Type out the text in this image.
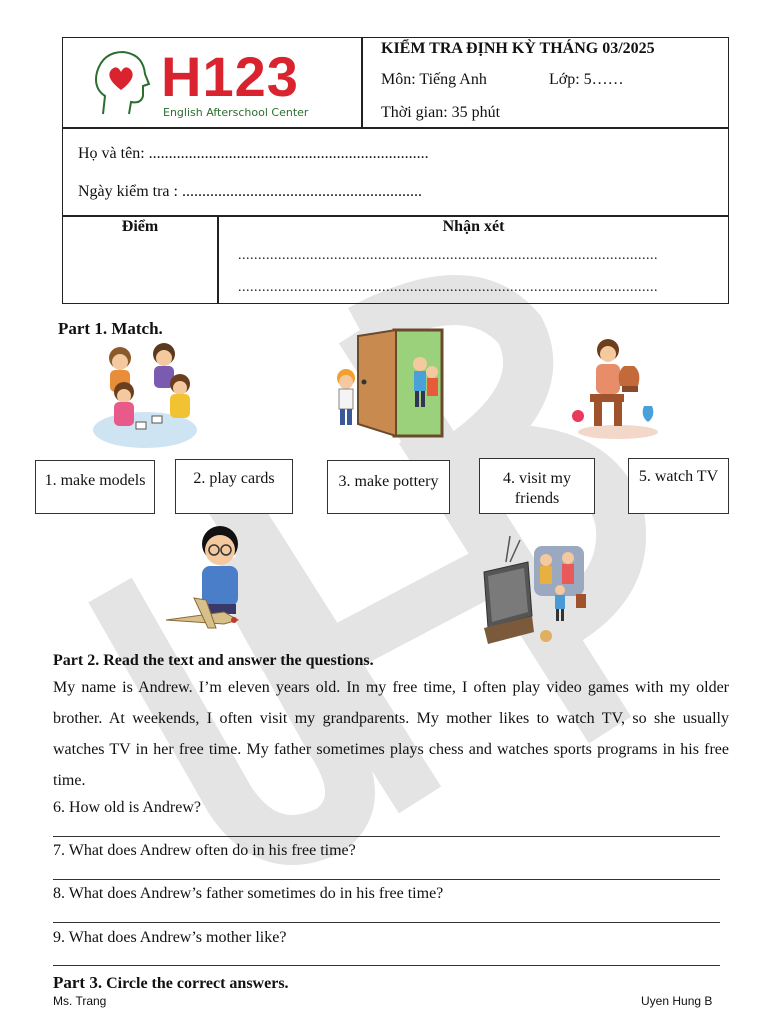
H123
English Afterschool Center
KIỂM TRA ĐỊNH KỲ THÁNG 03/2025
Môn: Tiếng Anh	Lớp: 5……
Thời gian: 35 phút
Họ và tên: ......................................................................
Ngày kiểm tra : ............................................................
Điểm	Nhận xét
.........................................................................................................
.........................................................................................................
Part 1. Match.
1. make models	2. play cards	3. make pottery	4. visit my friends
5. watch TV
Part 2. Read the text and answer the questions.
My name is Andrew. I’m eleven years old. In my free time, I often play video games with my older brother. At weekends, I often visit my grandparents. My mother likes to watch TV, so she usually watches TV in her free time. My father sometimes plays chess and watches sports programs in his free time.
6. How old is Andrew?
7. What does Andrew often do in his free time?
8. What does Andrew’s father sometimes do in his free time?
9. What does Andrew’s mother like?
Part 3. Circle the correct answers.
Ms. Trang	Uyen Hung B
